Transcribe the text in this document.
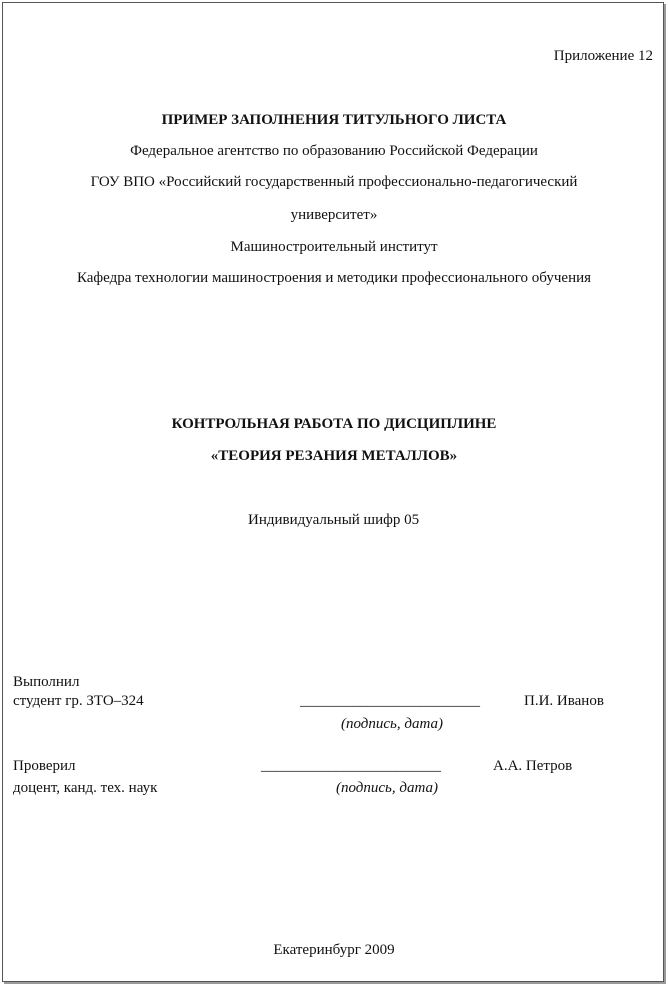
Приложение 12
ПРИМЕР ЗАПОЛНЕНИЯ ТИТУЛЬНОГО ЛИСТА
Федеральное агентство по образованию Российской Федерации
ГОУ ВПО «Российский государственный профессионально-педагогический
университет»
Машиностроительный институт
Кафедра технологии машиностроения и методики профессионального обучения
КОНТРОЛЬНАЯ РАБОТА ПО ДИСЦИПЛИНЕ
«ТЕОРИЯ РЕЗАНИЯ МЕТАЛЛОВ»
Индивидуальный шифр 05
Выполнил
студент гр. ЗТО–324	________________________	П.И. Иванов
(подпись, дата)
Проверил	________________________	А.А. Петров
доцент, канд. тех. наук	(подпись, дата)
Екатеринбург 2009
